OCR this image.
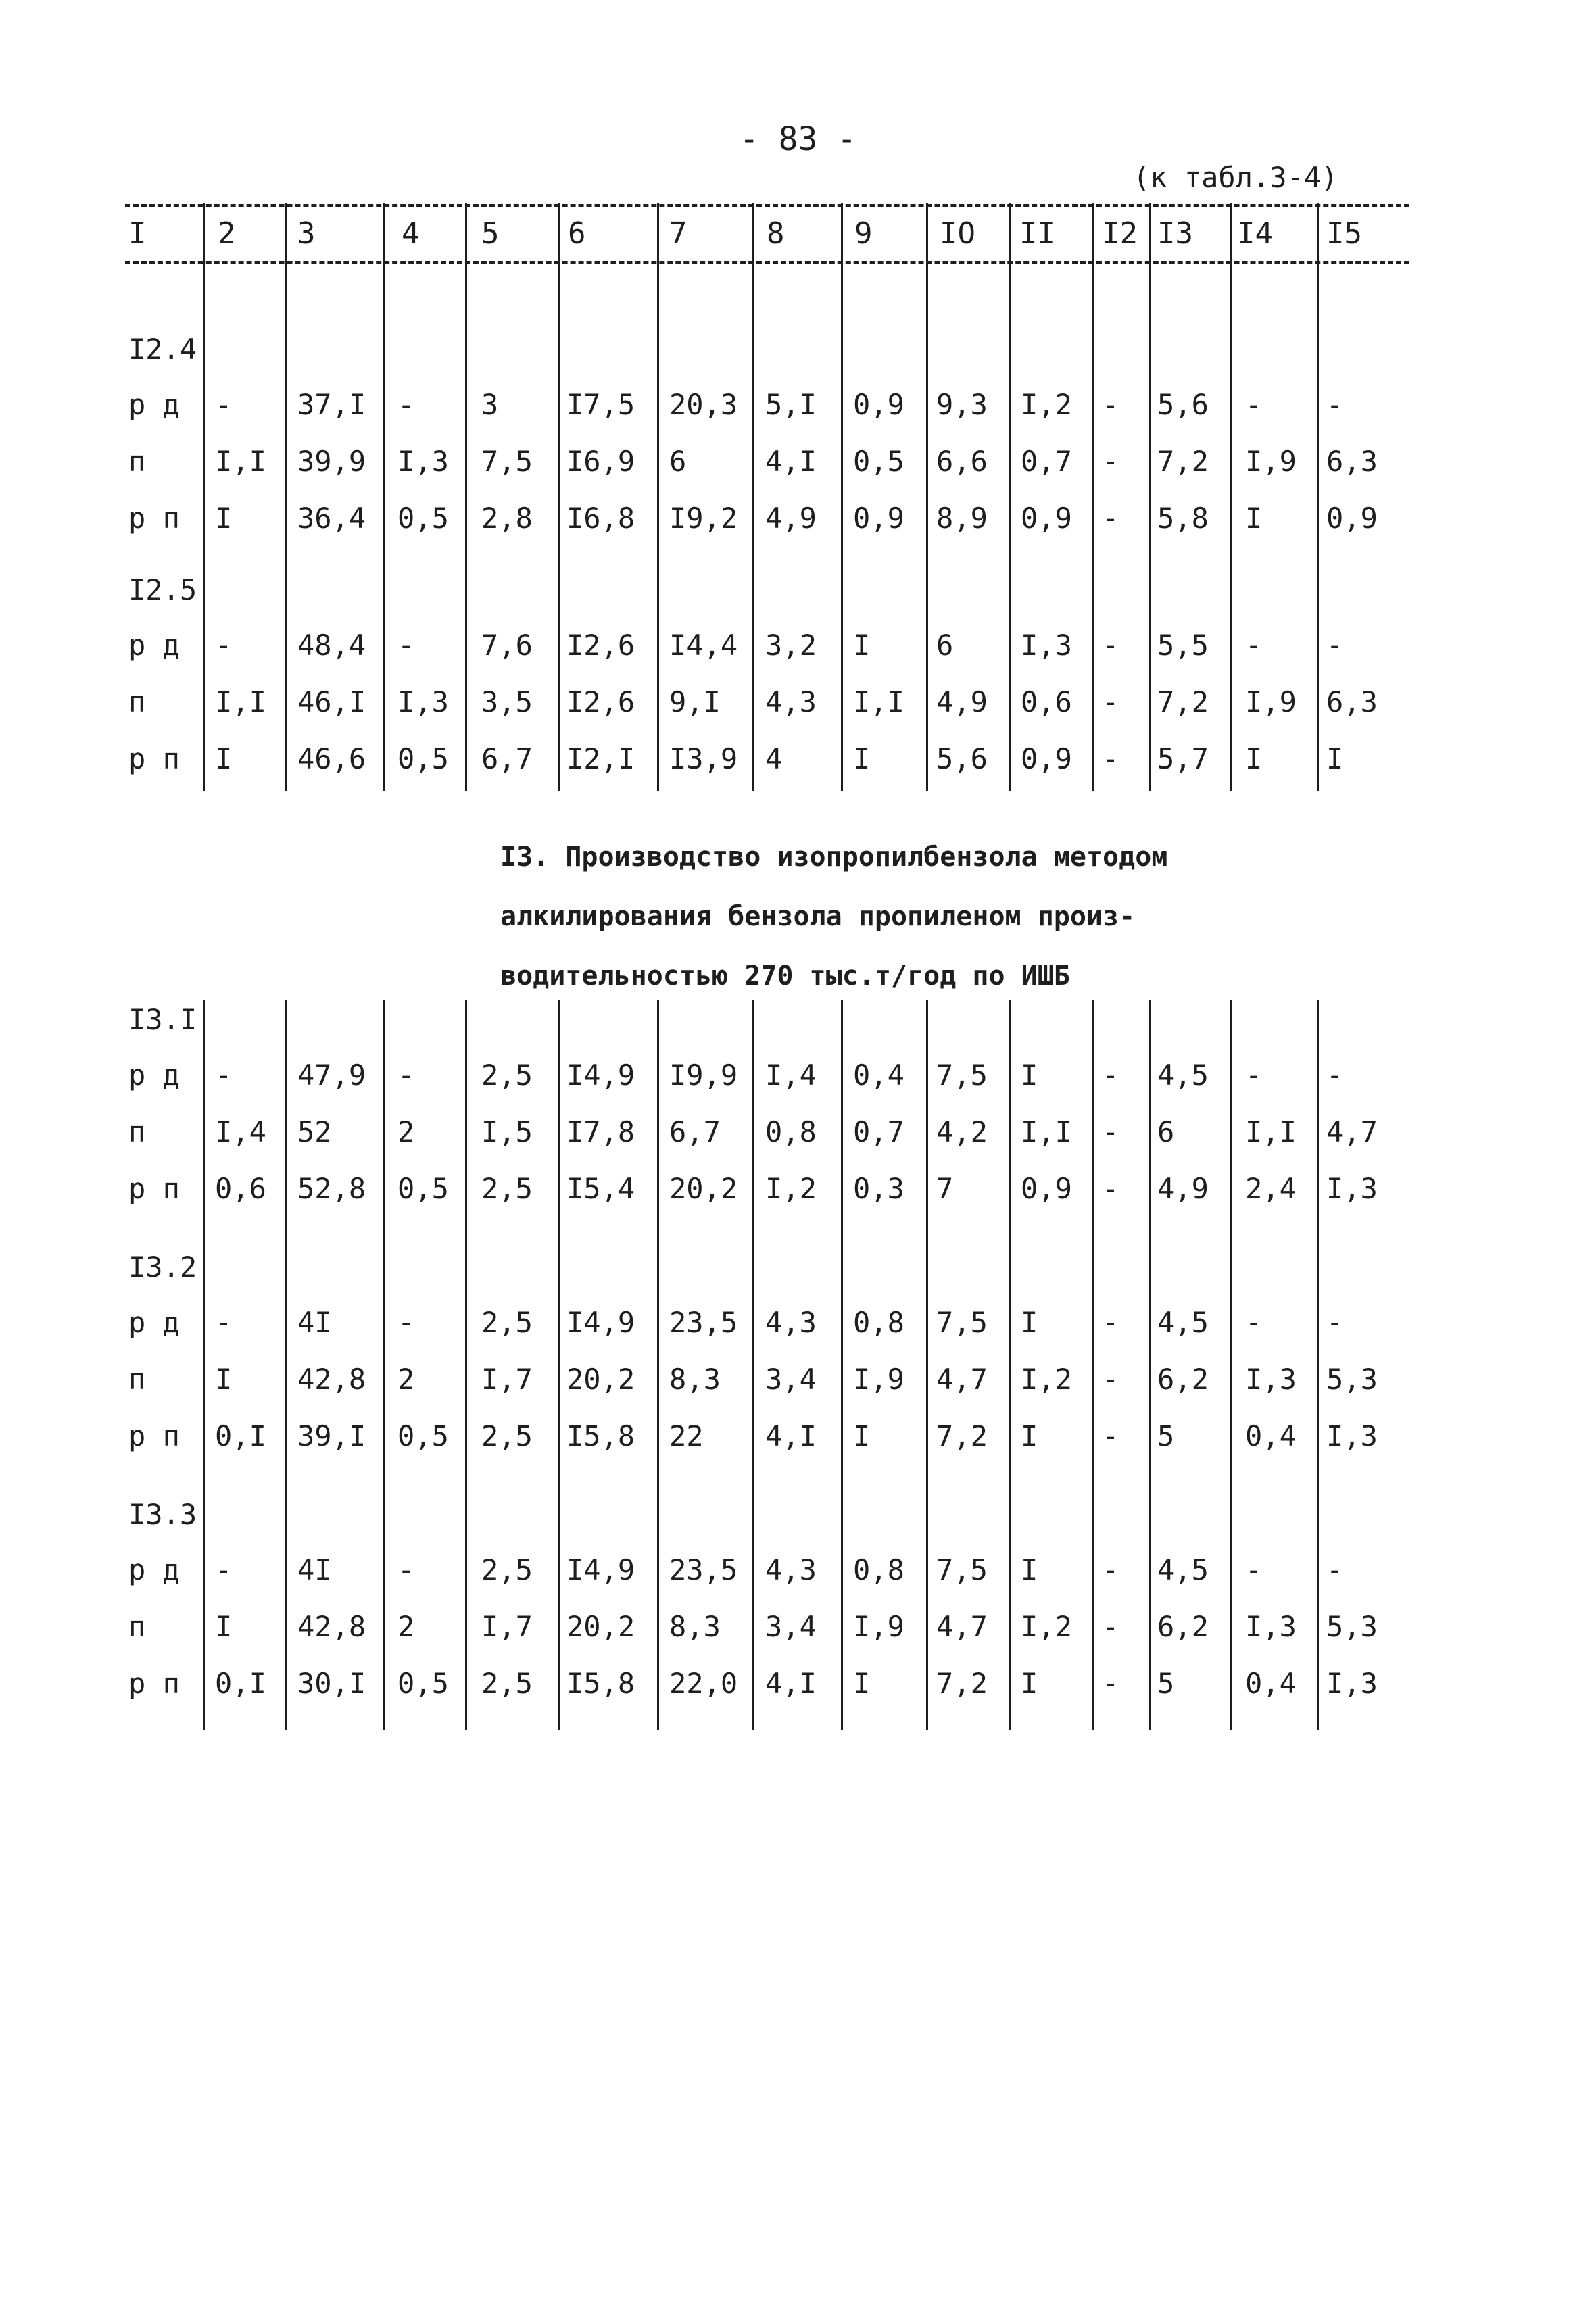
- 83 -
(к табл.3-4)
I 2 3	4 5 6	7	8 9 IO II I2 I3 I4 I5
I2.4
р д - 37,I - 3 I7,5 20,3 5,I 0,9 9,3 I,2 - 5,6 - -
п I,I 39,9 I,3 7,5 I6,9 6	4,I 0,5 6,6 0,7 - 7,2 I,9 6,3
р п I 36,4 0,5 2,8 I6,8 I9,2 4,9 0,9 8,9 0,9 - 5,8 I 0,9
I2.5
р д - 48,4 - 7,6 I2,6 I4,4 3,2 I 6 I,3 - 5,5 - -
п I,I 46,I I,3 3,5 I2,6 9,I 4,3 I,I 4,9 0,6 - 7,2 I,9 6,3
р п I 46,6 0,5 6,7 I2,I I3,9 4 I 5,6 0,9 - 5,7 I I
I3. Производство изопропилбензола методом
алкилирования бензола пропиленом произ-
водительностью 270 тыс.т/год по ИШБ
I3.I
р д - 47,9 - 2,5 I4,9 I9,9 I,4 0,4 7,5 I - 4,5 - -
п I,4 52 2 I,5 I7,8 6,7 0,8 0,7 4,2 I,I - 6 I,I 4,7
р п 0,6 52,8 0,5 2,5 I5,4 20,2 I,2 0,3 7 0,9 - 4,9 2,4 I,3
I3.2
р д - 4I - 2,5 I4,9 23,5 4,3 0,8 7,5 I - 4,5 - -
п I 42,8 2 I,7 20,2 8,3 3,4 I,9 4,7 I,2 - 6,2 I,3 5,3
р п 0,I 39,I 0,5 2,5 I5,8 22 4,I I 7,2 I - 5 0,4 I,3
I3.3
р д - 4I - 2,5 I4,9 23,5 4,3 0,8 7,5 I - 4,5 - -
п I 42,8 2 I,7 20,2 8,3 3,4 I,9 4,7 I,2 - 6,2 I,3 5,3
р п 0,I 30,I 0,5 2,5 I5,8 22,0 4,I I 7,2 I - 5 0,4 I,3
